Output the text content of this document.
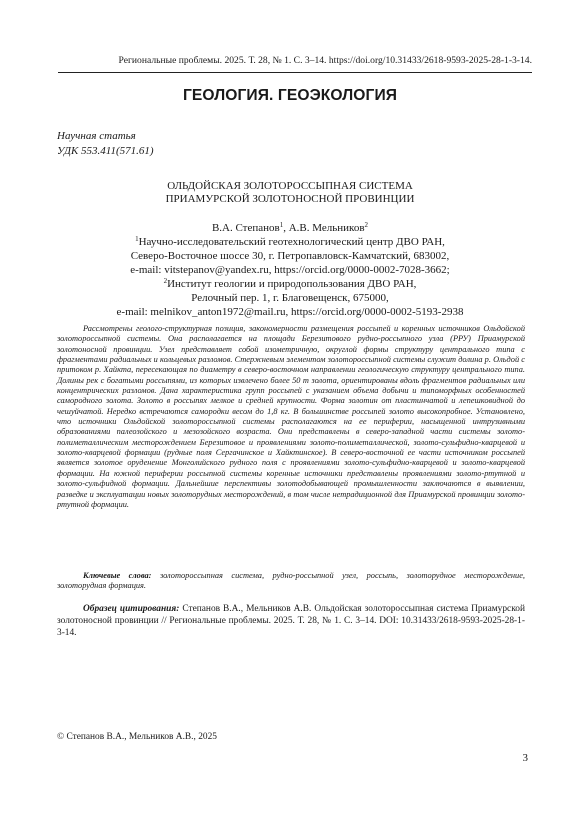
Региональные проблемы. 2025. Т. 28, № 1. С. 3–14. https://doi.org/10.31433/2618-9593-2025-28-1-3-14.
ГЕОЛОГИЯ. ГЕОЭКОЛОГИЯ
Научная статья
УДК 553.411(571.61)
ОЛЬДОЙСКАЯ ЗОЛОТОРОССЫПНАЯ СИСТЕМА
ПРИАМУРСКОЙ ЗОЛОТОНОСНОЙ ПРОВИНЦИИ
В.А. Степанов$^1$, А.В. Мельников$^2$
$^1$Научно-исследовательский геотехнологический центр ДВО РАН,
Северо-Восточное шоссе 30, г. Петропавловск-Камчатский, 683002,
e-mail: vitstepanov@yandex.ru, https://orcid.org/0000-0002-7028-3662;
$^2$Институт геологии и природопользования ДВО РАН,
Релочный пер. 1, г. Благовещенск, 675000,
e-mail: melnikov_anton1972@mail.ru, https://orcid.org/0000-0002-5193-2938

Рассмотрены геолого-структурная позиция, закономерности размещения россыпей и коренных источников Ольдойской золотороссыпной системы. Она располагается на площади Березитового рудно-россыпного узла (РРУ) Приамурской золотоносной провинции. Узел представляет собой изометричную, округлой формы структуру центрального типа с фрагментами радиальных и кольцевых разломов. Стержневым элементом золотороссыпной системы служит долина р. Ольдой с притоком р. Хайкта, пересекающая по диаметру в северо-восточном направлении геологическую структуру центрального типа. Долины рек с богатыми россыпями, из которых извлечено более 50 т золота, ориентированы вдоль фрагментов радиальных или концентрических разломов. Дана характеристика групп россыпей с указанием объема добычи и типоморфных особенностей самородного золота. Золото в россыпях мелкое и средней крупности. Форма золотин от пластинчатой и лепешковидной до чешуйчатой. Нередко встречаются самородки весом до 1,8 кг. В большинстве россыпей золото высокопробное. Установлено, что источники Ольдойской золотороссыпной системы располагаются на ее периферии, насыщенной интрузивными образованиями палеозойского и мезозойского возраста. Они представлены в северо-западной части системы золото-полиметаллическим месторождением Березитовое и проявлениями золото-полиметаллической, золото-сульфидно-кварцевой и золото-кварцевой формации (рудные поля Сергачинское и Хайктинское). В северо-восточной ее части источником россыпей является золотое оруденение Монголийского рудного поля с проявлениями золото-сульфидно-кварцевой и золото-кварцевой формации. На южной периферии россыпной системы коренные источники представлены проявлениями золото-ртутной и золото-сульфидной формации. Дальнейшие перспективы золотодобывающей промышленности заключаются в выявлении, разведке и эксплуатации новых золоторудных месторождений, в том числе нетрадиционной для Приамурской провинции золото-ртутной формации.

Ключевые слова: золотороссыпная система, рудно-россыпной узел, россыпь, золоторудное месторождение, золоторудная формация.

Образец цитирования: Степанов В.А., Мельников А.В. Ольдойская золотороссыпная система Приамурской золотоносной провинции // Региональные проблемы. 2025. Т. 28, № 1. С. 3–14. DOI: 10.31433/2618-9593-2025-28-1-3-14.

© Степанов В.А., Мельников А.В., 2025
3
